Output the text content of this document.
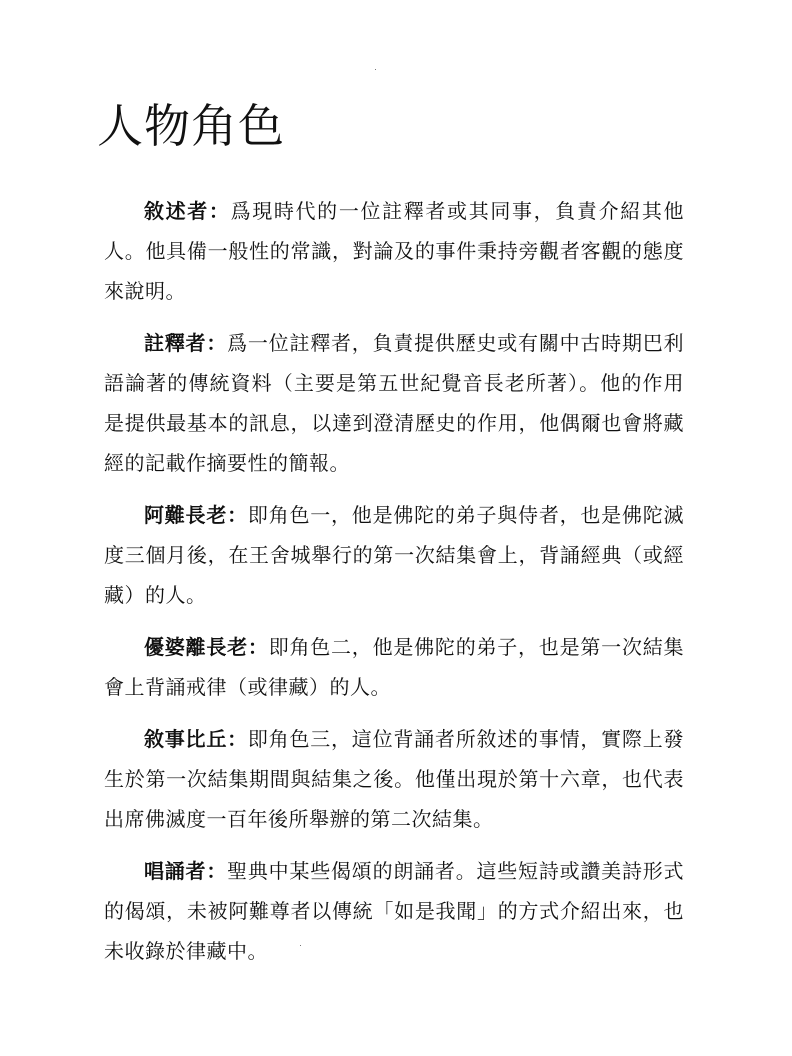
人物角色

敘述者：爲現時代的一位註釋者或其同事，負責介紹其他人。他具備一般性的常識，對論及的事件秉持旁觀者客觀的態度來說明。

註釋者：爲一位註釋者，負責提供歷史或有關中古時期巴利語論著的傳統資料（主要是第五世紀覺音長老所著）。他的作用是提供最基本的訊息，以達到澄清歷史的作用，他偶爾也會將藏經的記載作摘要性的簡報。

阿難長老：即角色一，他是佛陀的弟子與侍者，也是佛陀滅度三個月後，在王舍城舉行的第一次結集會上，背誦經典（或經藏）的人。

優婆離長老：即角色二，他是佛陀的弟子，也是第一次結集會上背誦戒律（或律藏）的人。

敘事比丘：即角色三，這位背誦者所敘述的事情，實際上發生於第一次結集期間與結集之後。他僅出現於第十六章，也代表出席佛滅度一百年後所舉辦的第二次結集。

唱誦者：聖典中某些偈頌的朗誦者。這些短詩或讚美詩形式的偈頌，未被阿難尊者以傳統「如是我聞」的方式介紹出來，也未收錄於律藏中。
